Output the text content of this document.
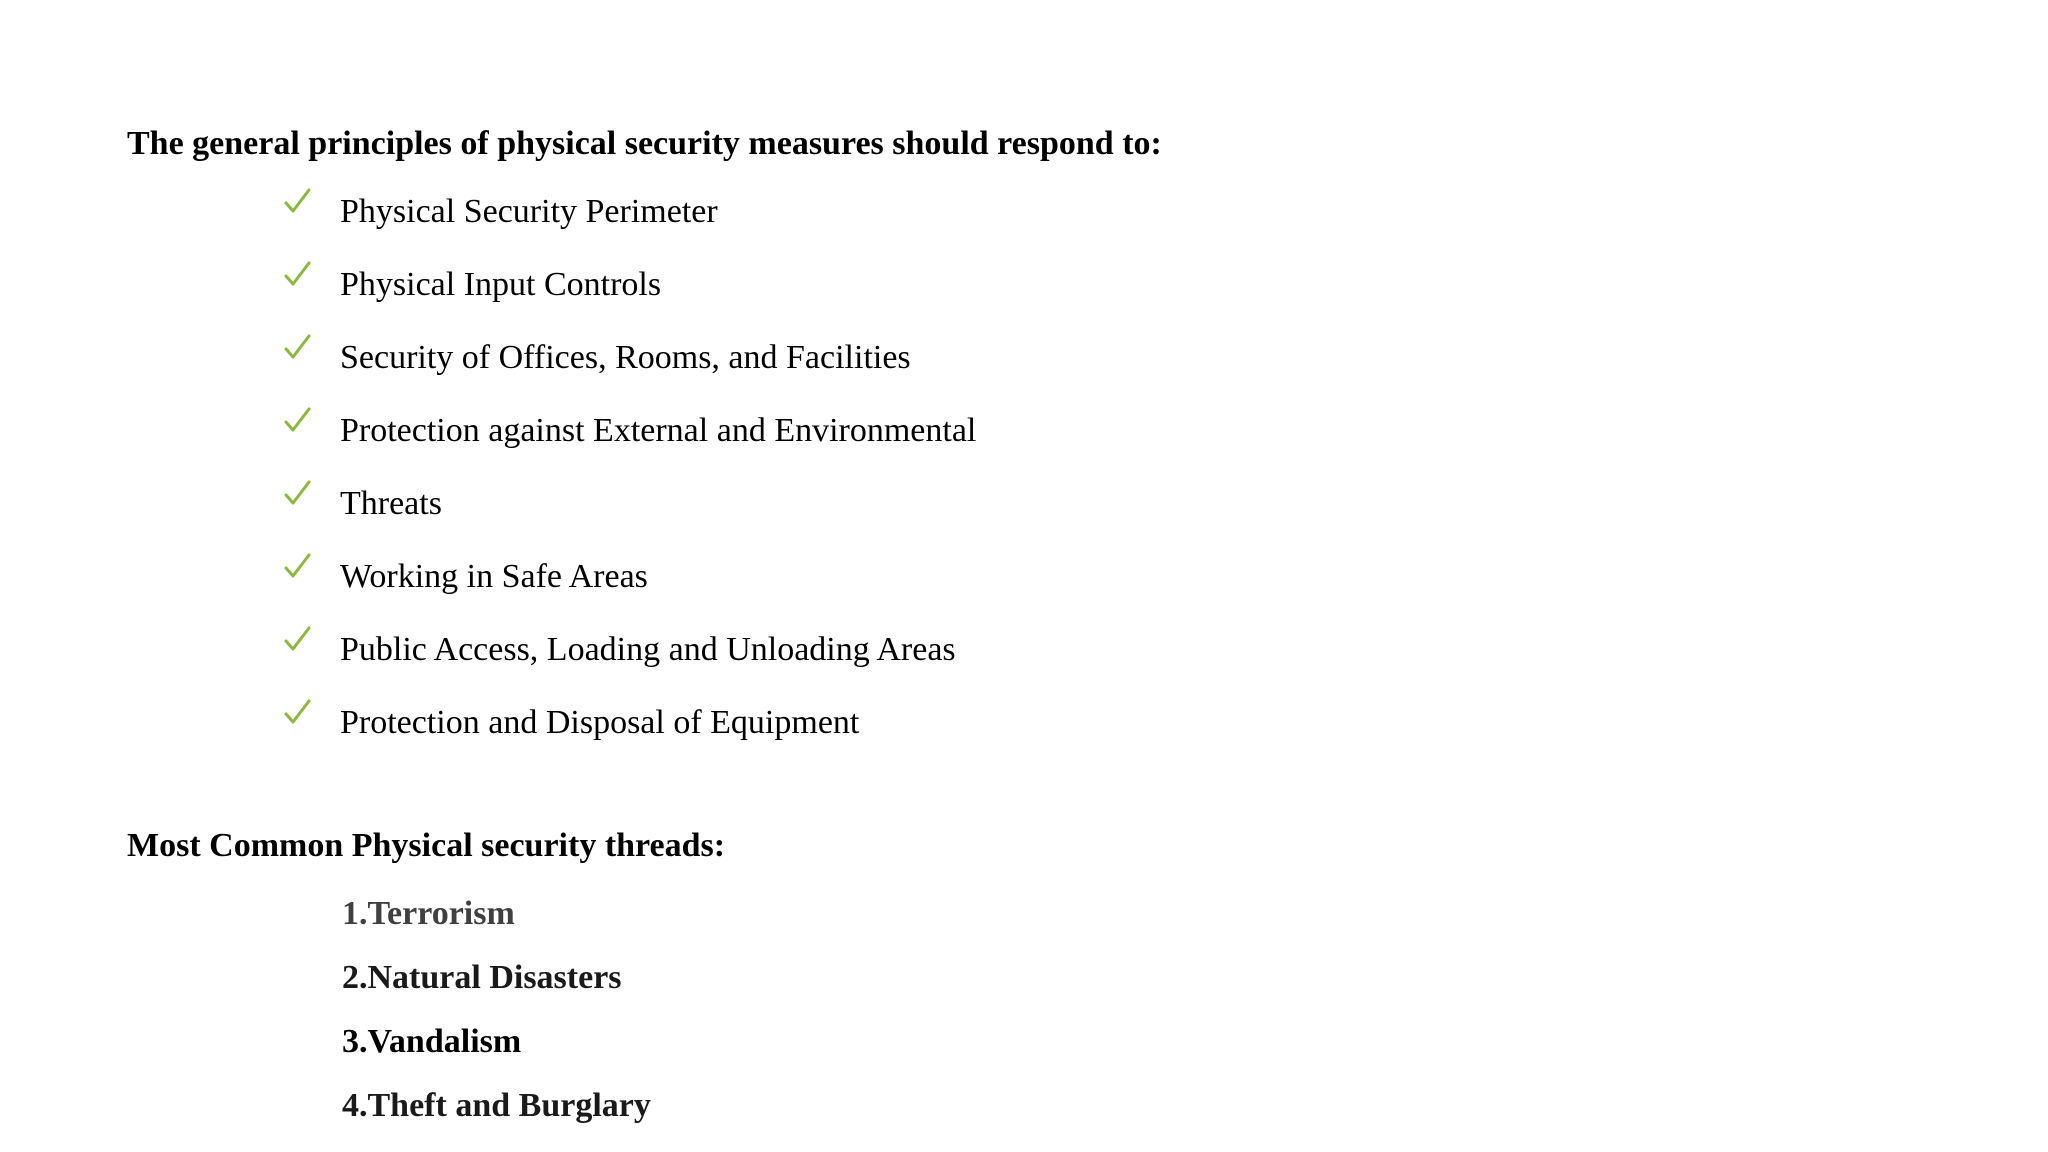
The general principles of physical security measures should respond to:
Physical Security Perimeter
Physical Input Controls
Security of Offices, Rooms, and Facilities
Protection against External and Environmental
Threats
Working in Safe Areas
Public Access, Loading and Unloading Areas
Protection and Disposal of Equipment
Most Common Physical security threads:
1.Terrorism
2.Natural Disasters
3.Vandalism
4.Theft and Burglary
